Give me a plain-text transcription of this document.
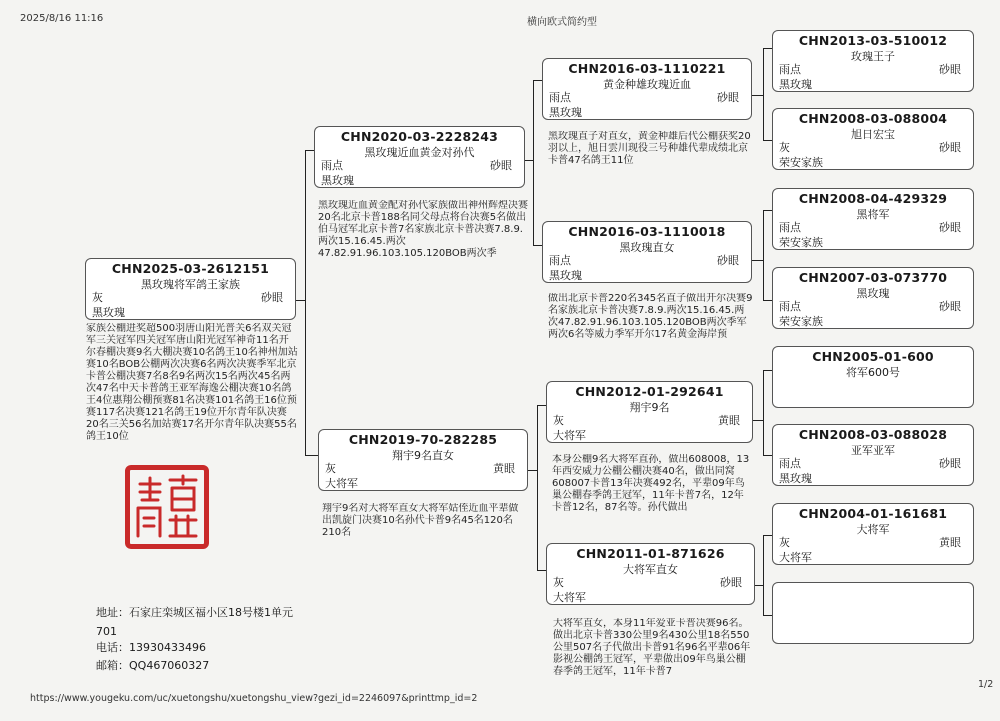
2025/8/16 11:16	横向欧式简约型
CHN2025-03-2612151
黑玫瑰将军鸽王家族
灰	砂眼
黑玫瑰
家族公棚进奖超500羽唐山阳光普关6名双关冠军三关冠军四关冠军唐山阳光冠军神奇11名开尔春棚决赛9名大棚决赛10名鸽王10名神州加站赛10名BOB公棚两次决赛6名两次决赛季军北京卡普公棚决赛7名8名9名两次15名两次45名两次47名中天卡普鸽王亚军海逸公棚决赛10名鸽王4位惠翔公棚预赛81名决赛101名鸽王16位预赛117名决赛121名鸽王19位开尔青年队决赛20名三关56名加站赛17名开尔青年队决赛55名鸽王10位
CHN2020-03-2228243
黑玫瑰近血黄金对孙代
雨点	砂眼
黑玫瑰
黑玫瑰近血黄金配对孙代家族做出神州辉煌决赛20名北京卡普188名同父母点将台决赛5名做出伯马冠军北京卡普7名家族北京卡普决赛7.8.9.两次15.16.45.两次47.82.91.96.103.105.120BOB两次季
CHN2019-70-282285
翔宇9名直女
灰	黄眼
大将军
翔宇9名对大将军直女大将军姑侄近血平辈做出凯旋门决赛10名孙代卡普9名45名120名210名
CHN2016-03-1110221
黄金种雄玫瑰近血
雨点	砂眼
黑玫瑰
黑玫瑰直子对直女，黄金种雄后代公棚获奖20羽以上，旭日雲川现役三号种雄代辈成绩北京卡普47名鸽王11位
CHN2016-03-1110018
黑玫瑰直女
雨点	砂眼
黑玫瑰
做出北京卡普220名345名直子做出开尔决赛9名家族北京卡普决赛7.8.9.两次15.16.45.两次47.82.91.96.103.105.120BOB两次季军两次6名等威力季军开尔17名黄金海岸预
CHN2012-01-292641
翔宇9名
灰	黄眼
大将军
本身公棚9名大将军直孙，做出608008，13年西安威力公棚公棚决赛40名，做出同窝608007卡普13年决赛492名，平辈09年鸟巢公棚春季鸽王冠军，11年卡普7名，12年卡普12名，87名等。孙代做出
CHN2011-01-871626
大将军直女
灰	砂眼
大将军
大将军直女，本身11年爱亚卡普决赛96名。做出北京卡普330公里9名430公里18名550公里507名子代做出卡普91名96名平辈06年影视公棚鸽王冠军，平辈做出09年鸟巢公棚春季鸽王冠军，11年卡普7
CHN2013-03-510012
玫瑰王子
雨点	砂眼
黑玫瑰
CHN2008-03-088004
旭日宏宝
灰	砂眼
荣安家族
CHN2008-04-429329
黑将军
雨点	砂眼
荣安家族
CHN2007-03-073770
黑玫瑰
雨点	砂眼
荣安家族
CHN2005-01-600
将军600号
CHN2008-03-088028
亚军亚军
雨点	砂眼
黑玫瑰
CHN2004-01-161681
大将军
灰	黄眼
大将军
地址：石家庄栾城区福小区18号楼1单元
701
电话：13930433496
邮箱：QQ467060327
https://www.yougeku.com/uc/xuetongshu/xuetongshu_view?gezi_id=2246097&printtmp_id=2
1/2
